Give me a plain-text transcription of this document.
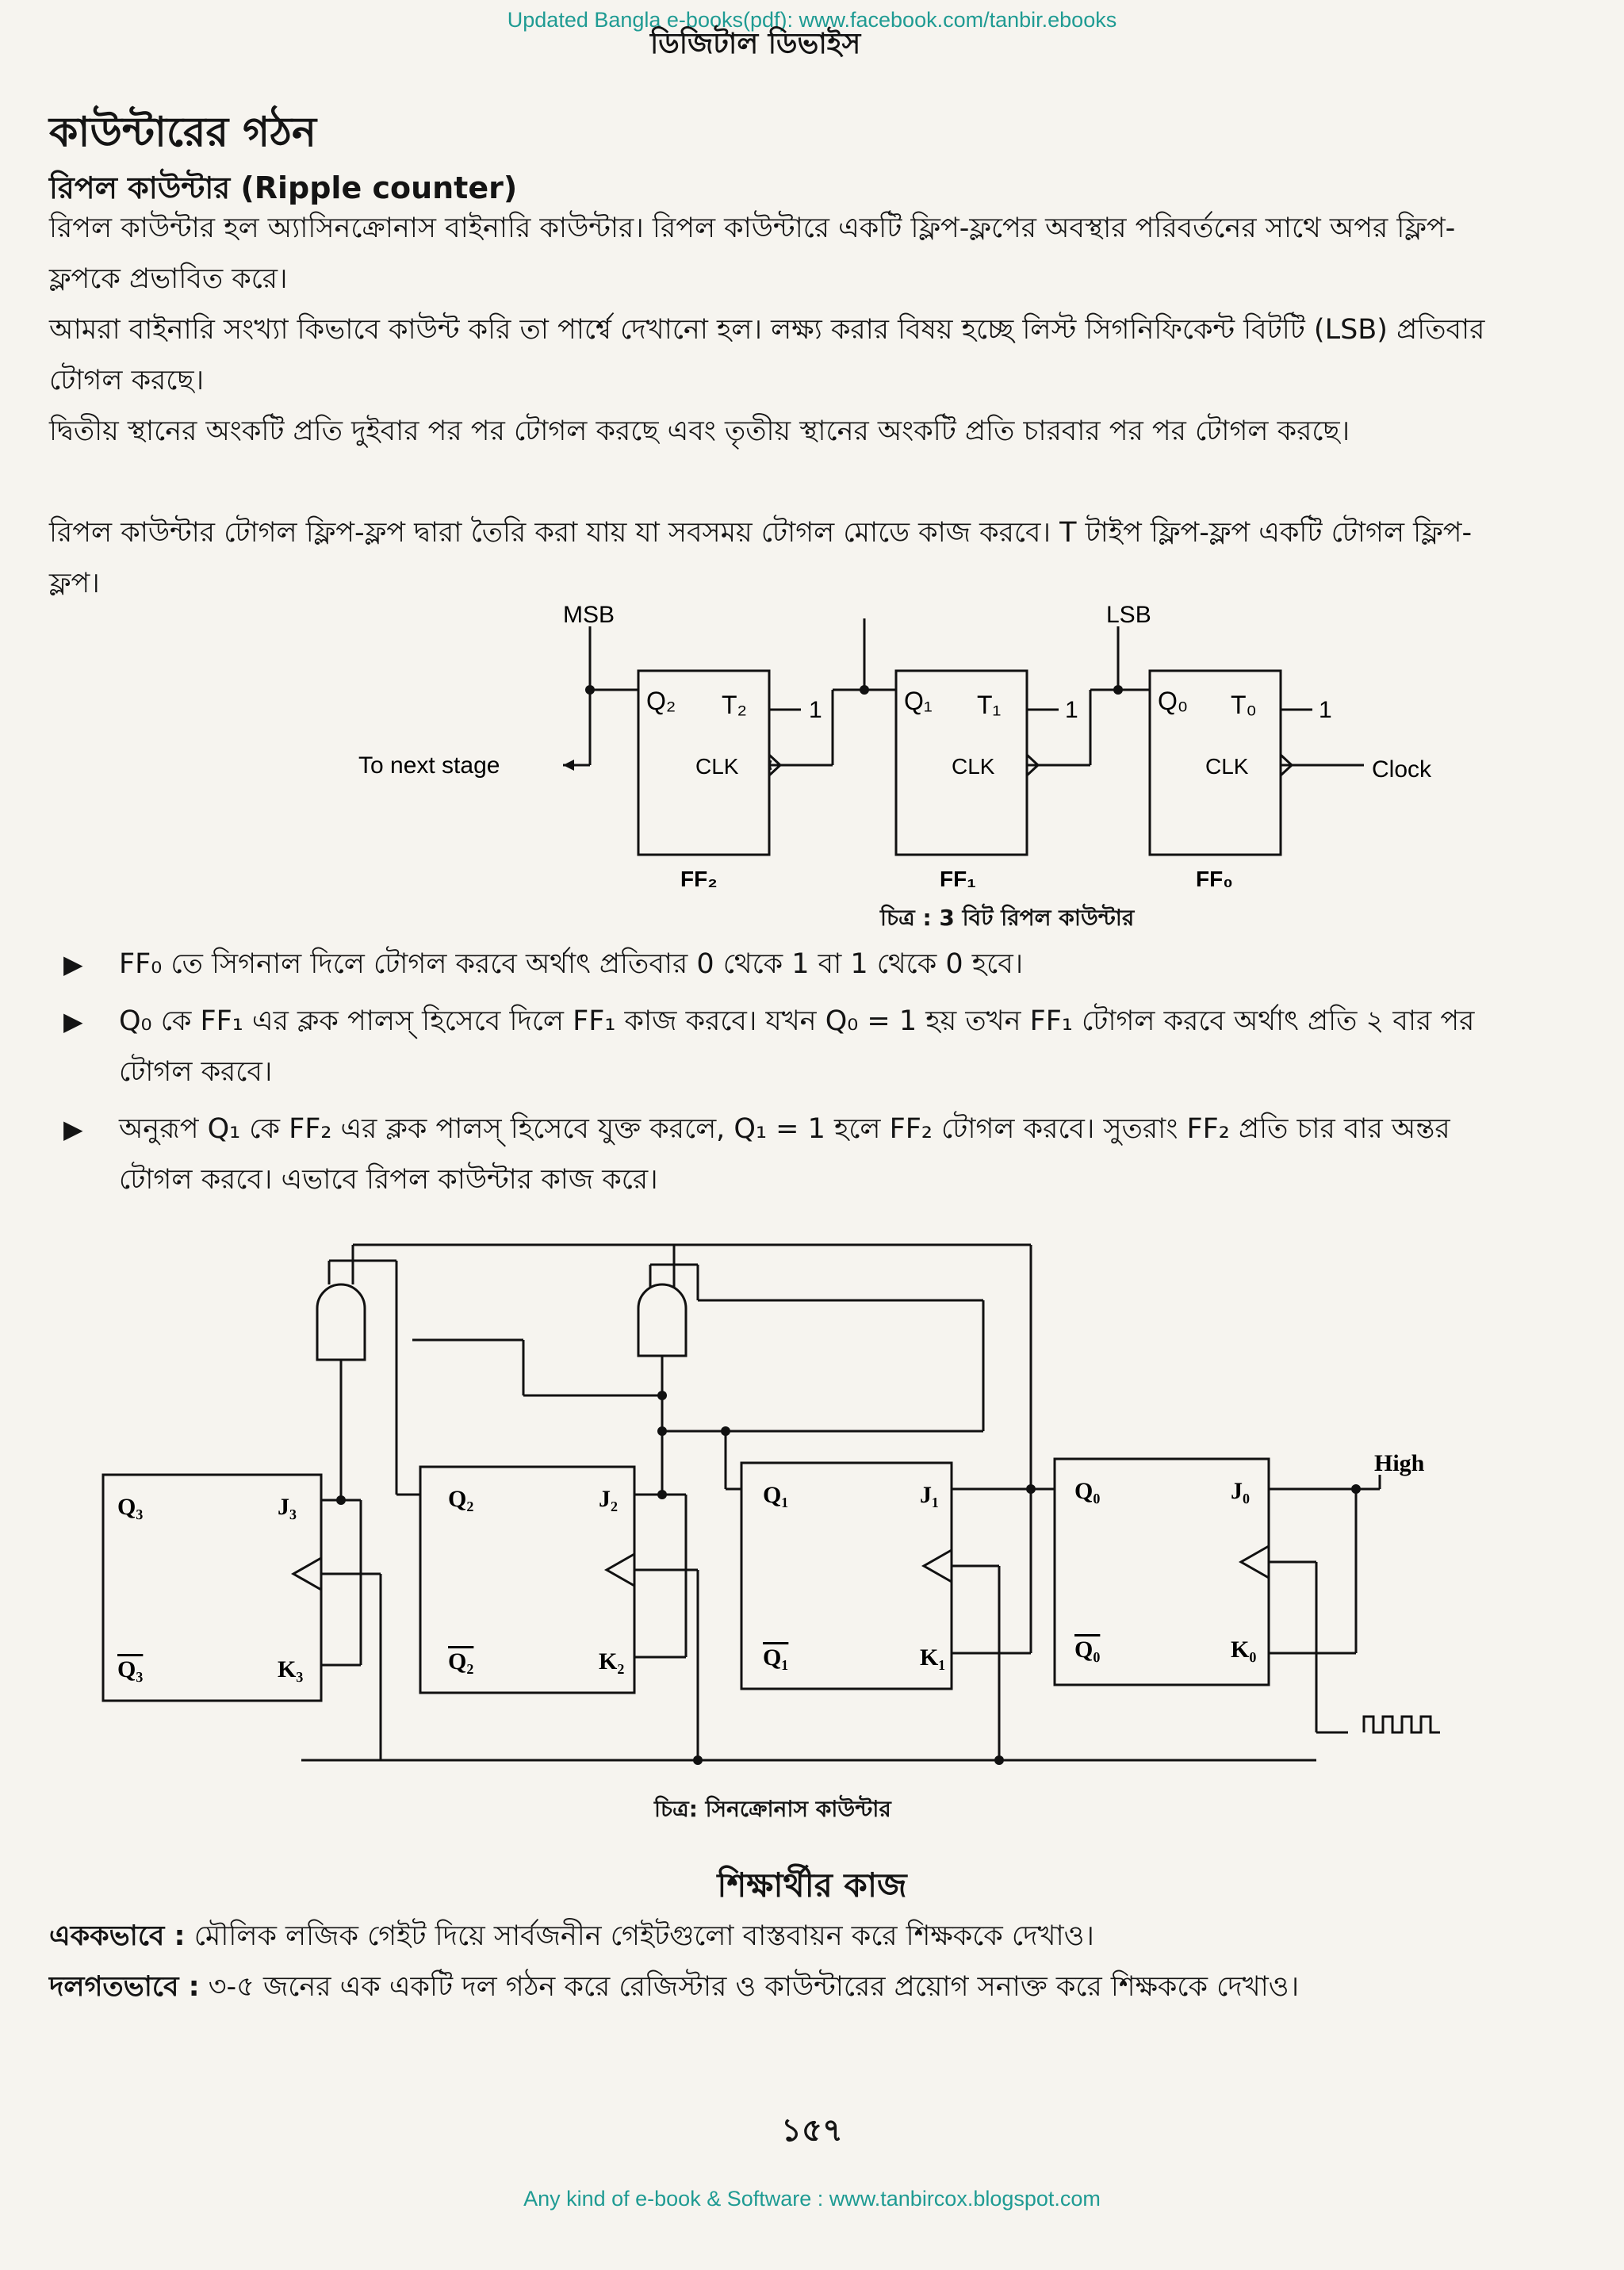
Updated Bangla e-books(pdf): www.facebook.com/tanbir.ebooks
ডিজিটাল ডিভাইস
কাউন্টারের গঠন
রিপল কাউন্টার (Ripple counter)
রিপল কাউন্টার হল অ্যাসিনক্রোনাস বাইনারি কাউন্টার। রিপল কাউন্টারে একটি ফ্লিপ-ফ্লপের অবস্থার পরিবর্তনের সাথে অপর ফ্লিপ-ফ্লপকে প্রভাবিত করে।
আমরা বাইনারি সংখ্যা কিভাবে কাউন্ট করি তা পার্শ্বে দেখানো হল। লক্ষ্য করার বিষয় হচ্ছে লিস্ট সিগনিফিকেন্ট বিটটি (LSB) প্রতিবার টোগল করছে।
দ্বিতীয় স্থানের অংকটি প্রতি দুইবার পর পর টোগল করছে এবং তৃতীয় স্থানের অংকটি প্রতি চারবার পর পর টোগল করছে।
রিপল কাউন্টার টোগল ফ্লিপ-ফ্লপ দ্বারা তৈরি করা যায় যা সবসময় টোগল মোডে কাজ করবে। T টাইপ ফ্লিপ-ফ্লপ একটি টোগল ফ্লিপ-ফ্লপ।
MSB	LSB
To next stage	Clock
Q₂ T₂
CLK
1	Q₁ T₁
CLK
1	Q₀ T₀
CLK
1
FF₂	FF₁	FF₀
চিত্র : 3 বিট রিপল কাউন্টার
▶ FF₀ তে সিগনাল দিলে টোগল করবে অর্থাৎ প্রতিবার 0 থেকে 1 বা 1 থেকে 0 হবে।
▶ Q₀ কে FF₁ এর ক্লক পালস্ হিসেবে দিলে FF₁ কাজ করবে। যখন Q₀ = 1 হয় তখন FF₁ টোগল করবে অর্থাৎ প্রতি ২ বার পর টোগল করবে।
▶ অনুরূপ Q₁ কে FF₂ এর ক্লক পালস্ হিসেবে যুক্ত করলে, Q₁ = 1 হলে FF₂ টোগল করবে। সুতরাং FF₂ প্রতি চার বার অন্তর টোগল করবে। এভাবে রিপল কাউন্টার কাজ করে।
High
Q₃	J₃
Q₃	K₃
Q₂	J₂
Q₂	K₂
Q₁	J₁
Q₁	K₁
Q₀	J₀
Q₀	K₀
চিত্র: সিনক্রোনাস কাউন্টার
শিক্ষার্থীর কাজ
এককভাবে : মৌলিক লজিক গেইট দিয়ে সার্বজনীন গেইটগুলো বাস্তবায়ন করে শিক্ষককে দেখাও।
দলগতভাবে : ৩-৫ জনের এক একটি দল গঠন করে রেজিস্টার ও কাউন্টারের প্রয়োগ সনাক্ত করে শিক্ষককে দেখাও।
১৫৭
Any kind of e-book & Software : www.tanbircox.blogspot.com
